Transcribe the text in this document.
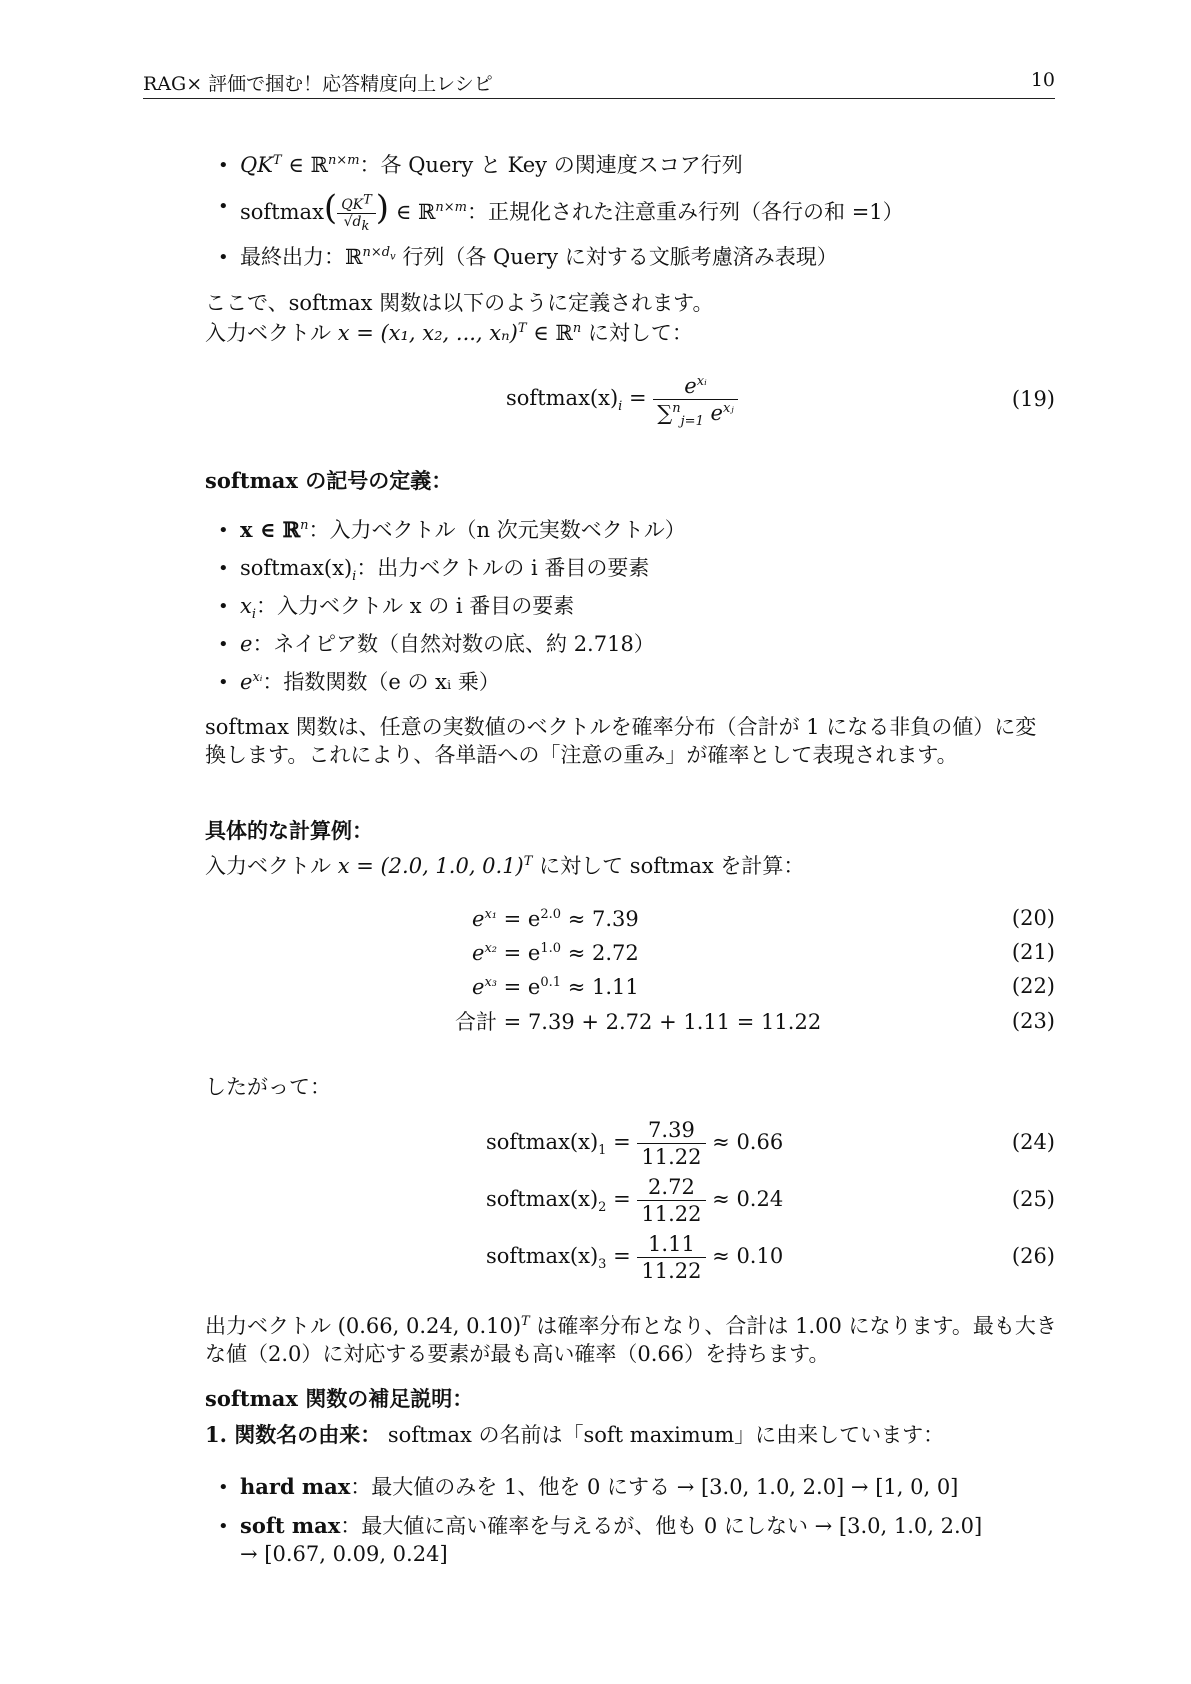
RAG× 評価で掴む！応答精度向上レシピ	10
• $QK^T$ ∈ ℝ$^{n\times m}$：各 Query と Key の関連度スコア行列
• softmax( $\frac{QK^T}{√d_k}$ ) ∈ ℝ$^{n\times m}$：正規化された注意重み行列（各行の和 =1）
• 最終出力：ℝ$^{n\times d_v}$ 行列（各 Query に対する文脈考慮済み表現）
ここで、softmax 関数は以下のように定義されます。
入力ベクトル x = (x₁, x₂, ..., xₙ)$^T$ ∈ ℝ$^n$ に対して：
$softmax(x)_i = \frac{e^{xᵢ}}{\sum^n_{j=1} e^{xⱼ}}$	(19)
softmax の記号の定義：
• x ∈ ℝ$^n$：入力ベクトル（n 次元実数ベクトル）
• $softmax(x)_i$：出力ベクトルの i 番目の要素
• $x_i$：入力ベクトル x の i 番目の要素
• e：ネイピア数（自然対数の底、約 2.718）
• $e^{xᵢ}$：指数関数（e の xᵢ 乗）
softmax 関数は、任意の実数値のベクトルを確率分布（合計が 1 になる非負の値）に変換します。これにより、各単語への「注意の重み」が確率として表現されます。
具体的な計算例：
入力ベクトル x = (2.0, 1.0, 0.1)$^T$ に対して softmax を計算：
$e^{x_1} = e^{2.0} \approx 7.39$	(20)
$e^{x_2} = e^{1.0} \approx 2.72$	(21)
$e^{x_3} = e^{0.1} \approx 1.11$	(22)
合計 = 7.39 + 2.72 + 1.11 = 11.22	(23)
したがって：
$softmax(x)_1 = \frac{7.39}{11.22} \approx 0.66$	(24)
$softmax(x)_2 = \frac{2.72}{11.22} \approx 0.24$	(25)
$softmax(x)_3 = \frac{1.11}{11.22} \approx 0.10$	(26)
出力ベクトル (0.66, 0.24, 0.10)$^T$ は確率分布となり、合計は 1.00 になります。最も大きな値（2.0）に対応する要素が最も高い確率（0.66）を持ちます。
softmax 関数の補足説明：
1. 関数名の由来： softmax の名前は「soft maximum」に由来しています：
• hard max：最大値のみを 1、他を 0 にする → [3.0, 1.0, 2.0] → [1, 0, 0]
• soft max：最大値に高い確率を与えるが、他も 0 にしない → [3.0, 1.0, 2.0]
→ [0.67, 0.09, 0.24]
